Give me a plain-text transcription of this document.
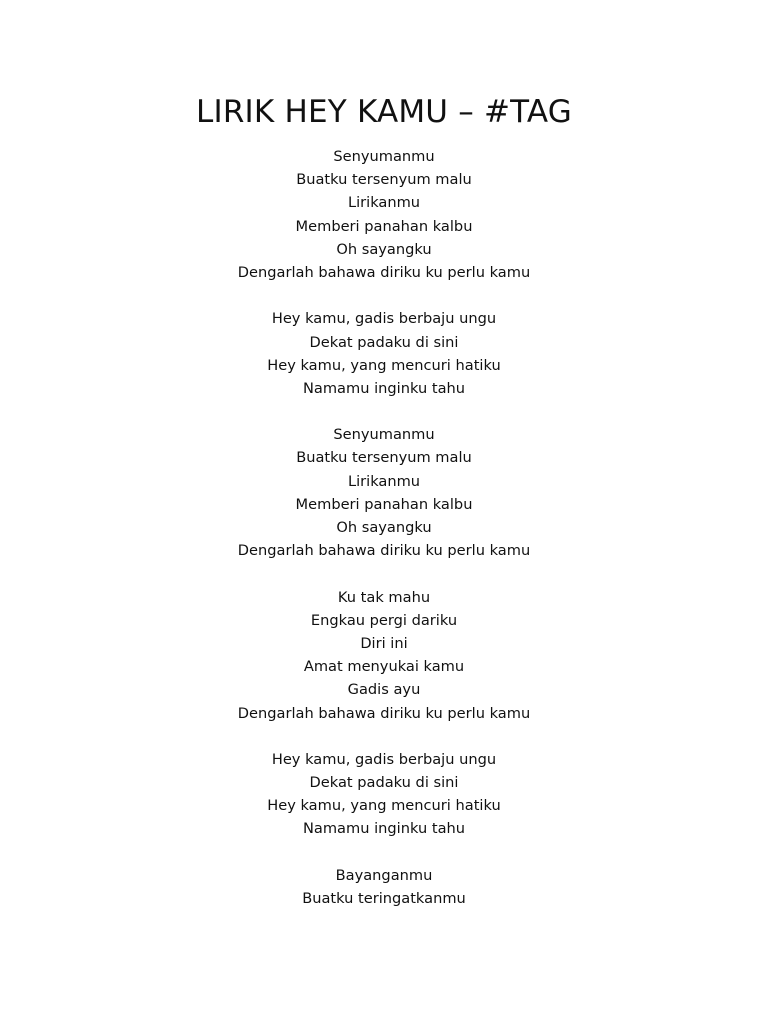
LIRIK HEY KAMU – #TAG
Senyumanmu
Buatku tersenyum malu
Lirikanmu
Memberi panahan kalbu
Oh sayangku
Dengarlah bahawa diriku ku perlu kamu
Hey kamu, gadis berbaju ungu
Dekat padaku di sini
Hey kamu, yang mencuri hatiku
Namamu inginku tahu
Senyumanmu
Buatku tersenyum malu
Lirikanmu
Memberi panahan kalbu
Oh sayangku
Dengarlah bahawa diriku ku perlu kamu
Ku tak mahu
Engkau pergi dariku
Diri ini
Amat menyukai kamu
Gadis ayu
Dengarlah bahawa diriku ku perlu kamu
Hey kamu, gadis berbaju ungu
Dekat padaku di sini
Hey kamu, yang mencuri hatiku
Namamu inginku tahu
Bayanganmu
Buatku teringatkanmu
